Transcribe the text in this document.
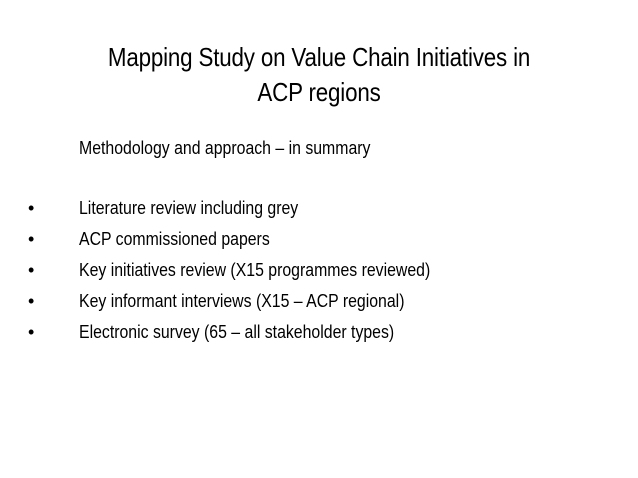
Mapping Study on Value Chain Initiatives in
ACP regions
Methodology and approach – in summary
• Literature review including grey
• ACP commissioned papers
• Key initiatives review (X15 programmes reviewed)
• Key informant interviews (X15 – ACP regional)
• Electronic survey (65 – all stakeholder types)
